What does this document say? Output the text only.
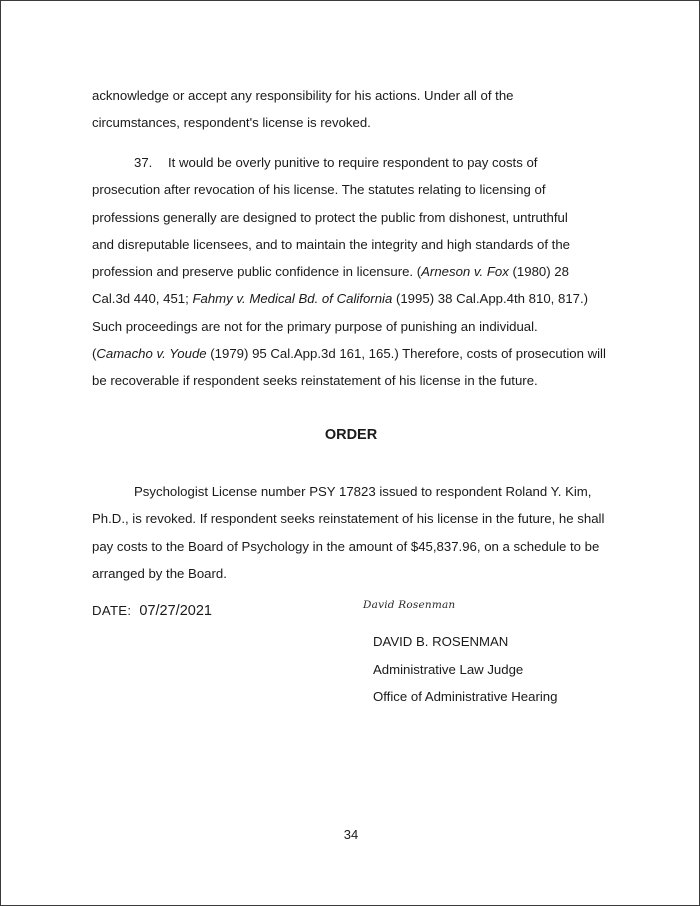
acknowledge or accept any responsibility for his actions. Under all of the
circumstances, respondent's license is revoked.
37. It would be overly punitive to require respondent to pay costs of
prosecution after revocation of his license. The statutes relating to licensing of
professions generally are designed to protect the public from dishonest, untruthful
and disreputable licensees, and to maintain the integrity and high standards of the
profession and preserve public confidence in licensure. (Arneson v. Fox (1980) 28
Cal.3d 440, 451; Fahmy v. Medical Bd. of California (1995) 38 Cal.App.4th 810, 817.)
Such proceedings are not for the primary purpose of punishing an individual.
(Camacho v. Youde (1979) 95 Cal.App.3d 161, 165.) Therefore, costs of prosecution will
be recoverable if respondent seeks reinstatement of his license in the future.
ORDER
Psychologist License number PSY 17823 issued to respondent Roland Y. Kim,
Ph.D., is revoked. If respondent seeks reinstatement of his license in the future, he shall
pay costs to the Board of Psychology in the amount of $45,837.96, on a schedule to be
arranged by the Board.
DATE: 07/27/2021	David Rosenman
DAVID B. ROSENMAN
Administrative Law Judge
Office of Administrative Hearing
34
